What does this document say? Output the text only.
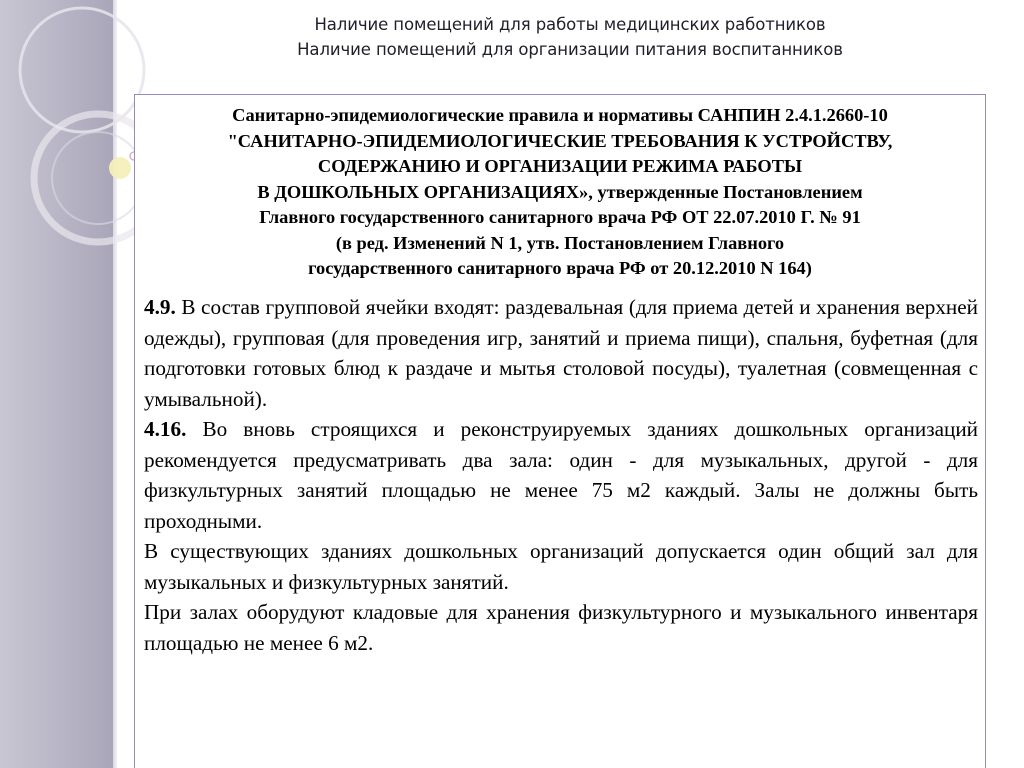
Наличие помещений для работы медицинских работников
Наличие помещений для организации питания воспитанников
Санитарно-эпидемиологические правила и нормативы САНПИН 2.4.1.2660-10
"САНИТАРНО-ЭПИДЕМИОЛОГИЧЕСКИЕ ТРЕБОВАНИЯ К УСТРОЙСТВУ,
СОДЕРЖАНИЮ И ОРГАНИЗАЦИИ РЕЖИМА РАБОТЫ
В ДОШКОЛЬНЫХ ОРГАНИЗАЦИЯХ», утвержденные Постановлением
Главного государственного санитарного врача РФ ОТ 22.07.2010 Г. № 91
(в ред. Изменений N 1, утв. Постановлением Главного
государственного санитарного врача РФ от 20.12.2010 N 164)

4.9. В состав групповой ячейки входят: раздевальная (для приема детей и хранения верхней одежды), групповая (для проведения игр, занятий и приема пищи), спальня, буфетная (для подготовки готовых блюд к раздаче и мытья столовой посуды), туалетная (совмещенная с умывальной).

4.16. Во вновь строящихся и реконструируемых зданиях дошкольных организаций рекомендуется предусматривать два зала: один - для музыкальных, другой - для физкультурных занятий площадью не менее 75 м2 каждый. Залы не должны быть проходными.

В существующих зданиях дошкольных организаций допускается один общий зал для музыкальных и физкультурных занятий.

При залах оборудуют кладовые для хранения физкультурного и музыкального инвентаря площадью не менее 6 м2.
